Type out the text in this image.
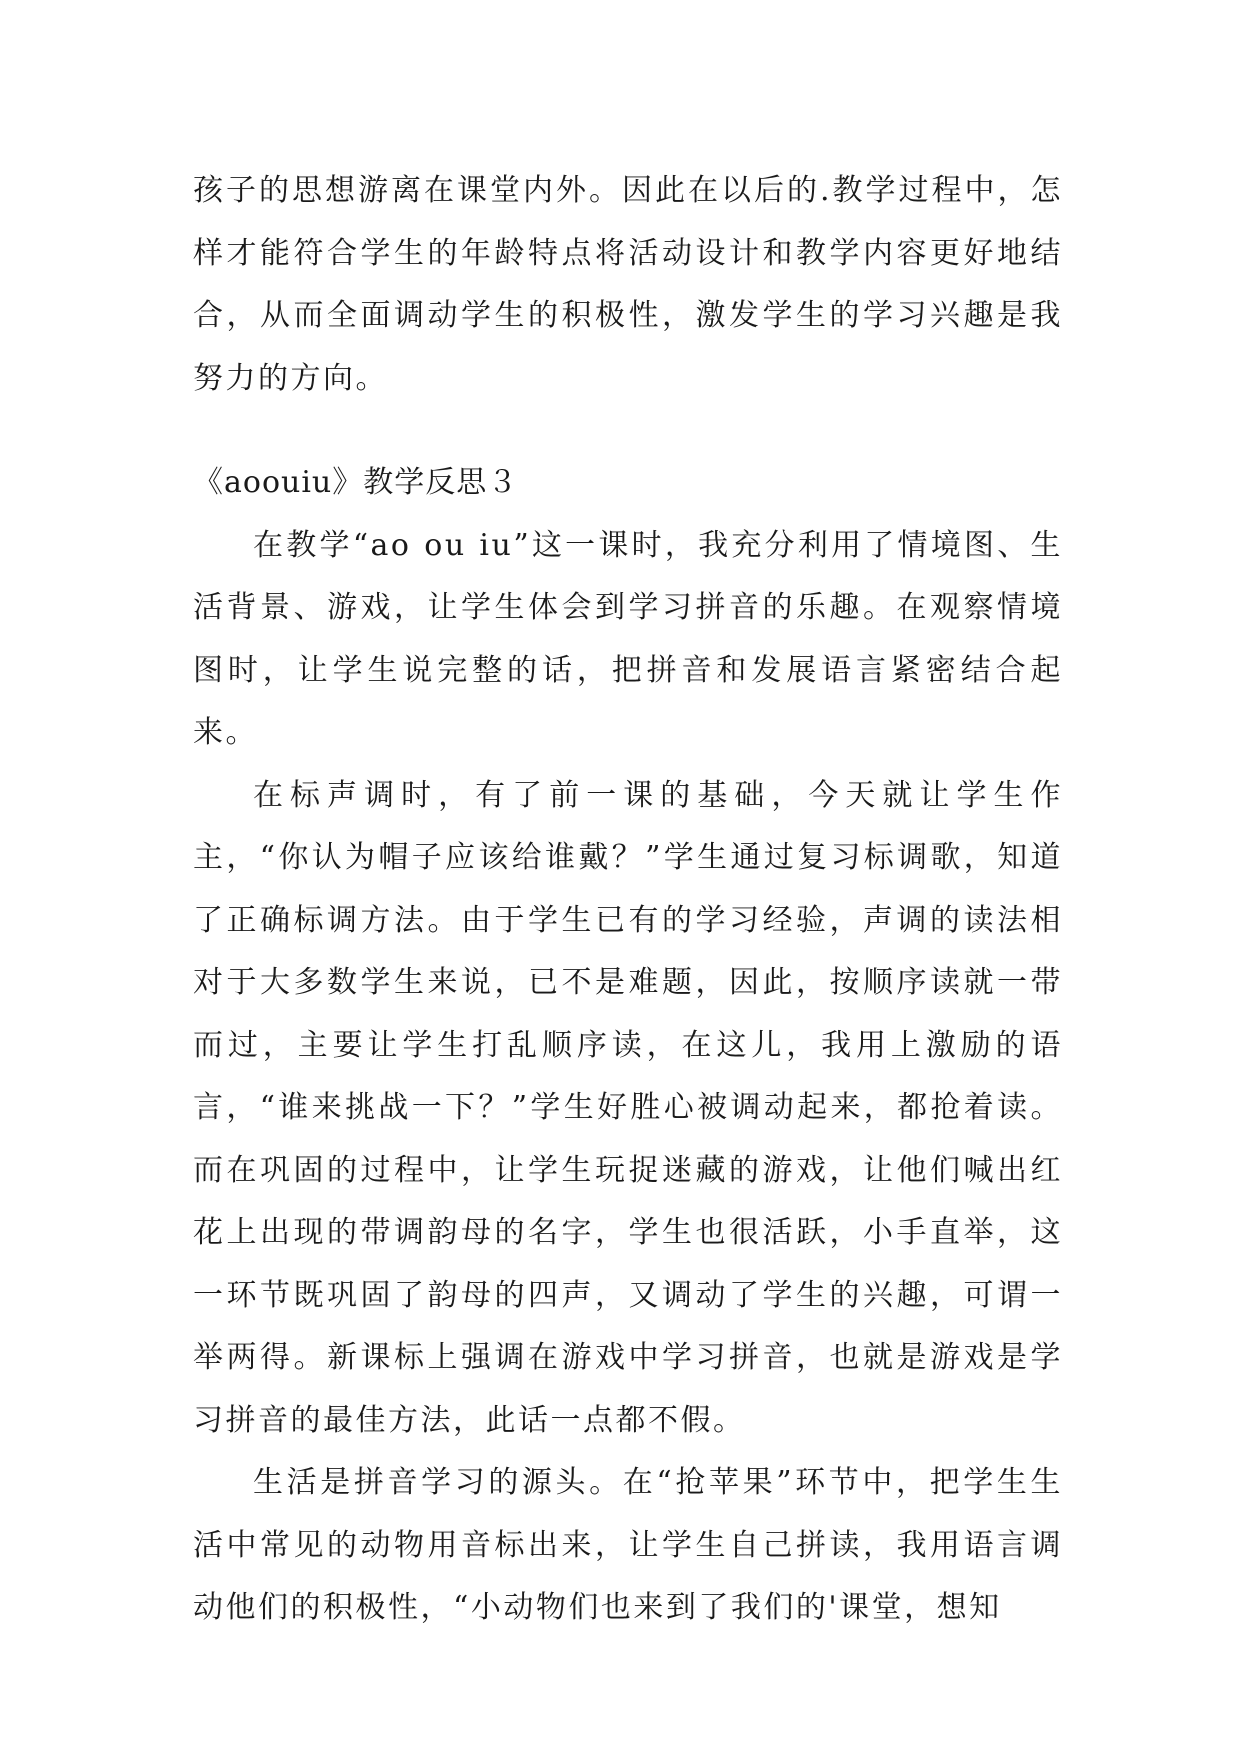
孩子的思想游离在课堂内外。因此在以后的.教学过程中，怎样才能符合学生的年龄特点将活动设计和教学内容更好地结合，从而全面调动学生的积极性，激发学生的学习兴趣是我努力的方向。

《aoouiu》教学反思３

在教学“ao ou iu”这一课时，我充分利用了情境图、生活背景、游戏，让学生体会到学习拼音的乐趣。在观察情境图时，让学生说完整的话，把拼音和发展语言紧密结合起来。

在标声调时，有了前一课的基础，今天就让学生作主，“你认为帽子应该给谁戴？”学生通过复习标调歌，知道了正确标调方法。由于学生已有的学习经验，声调的读法相对于大多数学生来说，已不是难题，因此，按顺序读就一带而过，主要让学生打乱顺序读，在这儿，我用上激励的语言，“谁来挑战一下？”学生好胜心被调动起来，都抢着读。而在巩固的过程中，让学生玩捉迷藏的游戏，让他们喊出红花上出现的带调韵母的名字，学生也很活跃，小手直举，这一环节既巩固了韵母的四声，又调动了学生的兴趣，可谓一举两得。新课标上强调在游戏中学习拼音，也就是游戏是学习拼音的最佳方法，此话一点都不假。

生活是拼音学习的源头。在“抢苹果”环节中，把学生生活中常见的动物用音标出来，让学生自己拼读，我用语言调动他们的积极性，“小动物们也来到了我们的'课堂，想知
